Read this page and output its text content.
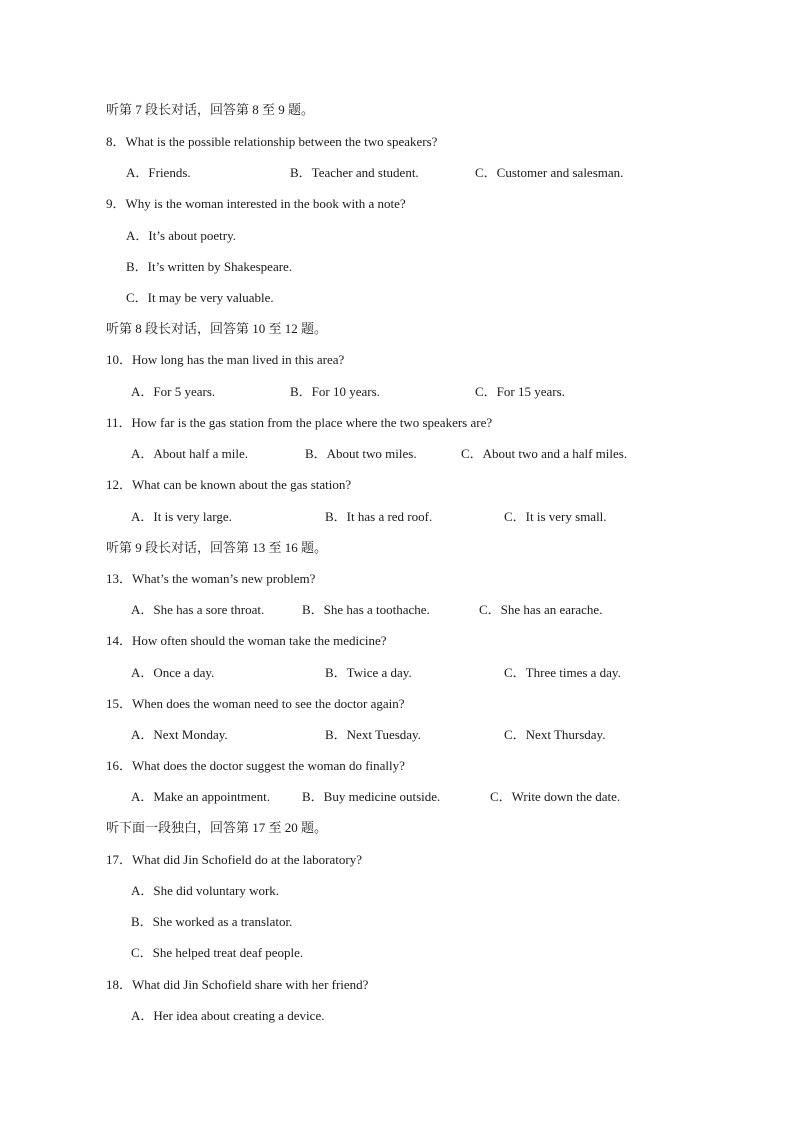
听第 7 段长对话，回答第 8 至 9 题。
8．What is the possible relationship between the two speakers?
A．Friends.	B．Teacher and student.	C．Customer and salesman.
9．Why is the woman interested in the book with a note?
A．It’s about poetry.
B．It’s written by Shakespeare.
C．It may be very valuable.
听第 8 段长对话，回答第 10 至 12 题。
10．How long has the man lived in this area?
A．For 5 years.	B．For 10 years.	C．For 15 years.
11．How far is the gas station from the place where the two speakers are?
A．About half a mile.	B．About two miles.	C．About two and a half miles.
12．What can be known about the gas station?
A．It is very large.	B．It has a red roof.	C．It is very small.
听第 9 段长对话，回答第 13 至 16 题。
13．What’s the woman’s new problem?
A．She has a sore throat.	B．She has a toothache.	C．She has an earache.
14．How often should the woman take the medicine?
A．Once a day.	B．Twice a day.	C．Three times a day.
15．When does the woman need to see the doctor again?
A．Next Monday.	B．Next Tuesday.	C．Next Thursday.
16．What does the doctor suggest the woman do finally?
A．Make an appointment. B．Buy medicine outside.	C．Write down the date.
听下面一段独白，回答第 17 至 20 题。
17．What did Jin Schofield do at the laboratory?
A．She did voluntary work.
B．She worked as a translator.
C．She helped treat deaf people.
18．What did Jin Schofield share with her friend?
A．Her idea about creating a device.
